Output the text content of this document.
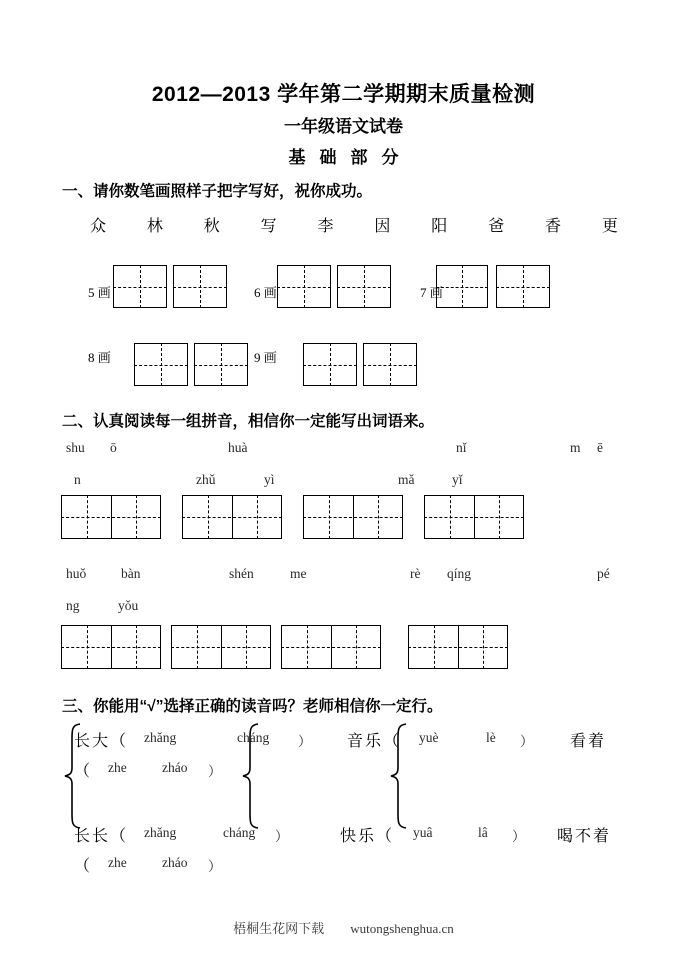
2012—2013 学年第二学期期末质量检测
一年级语文试卷
基础部分
一、请你数笔画照样子把字写好，祝你成功。
众	林	秋	写	李	因	阳	爸	香	更
5 画	6 画	7 画
8 画	9 画
二、认真阅读每一组拼音，相信你一定能写出词语来。
shu ō	huà	nǐ	m ē
n	zhǔ	yì	mǎ	yǐ
huǒ	bàn	shén	me	rè qíng	pé
ng	yǒu
三、你能用“√”选择正确的读音吗？老师相信你一定行。
长大（ zhǎng	cháng ） 音乐（ yuè	lè ） 看着
（ zhe	zháo ）
长长（ zhǎng	cháng ）	快乐（ yuâ	lâ ） 喝不着
（ zhe	zháo ）
梧桐生花网下载 wutongshenghua.cn
